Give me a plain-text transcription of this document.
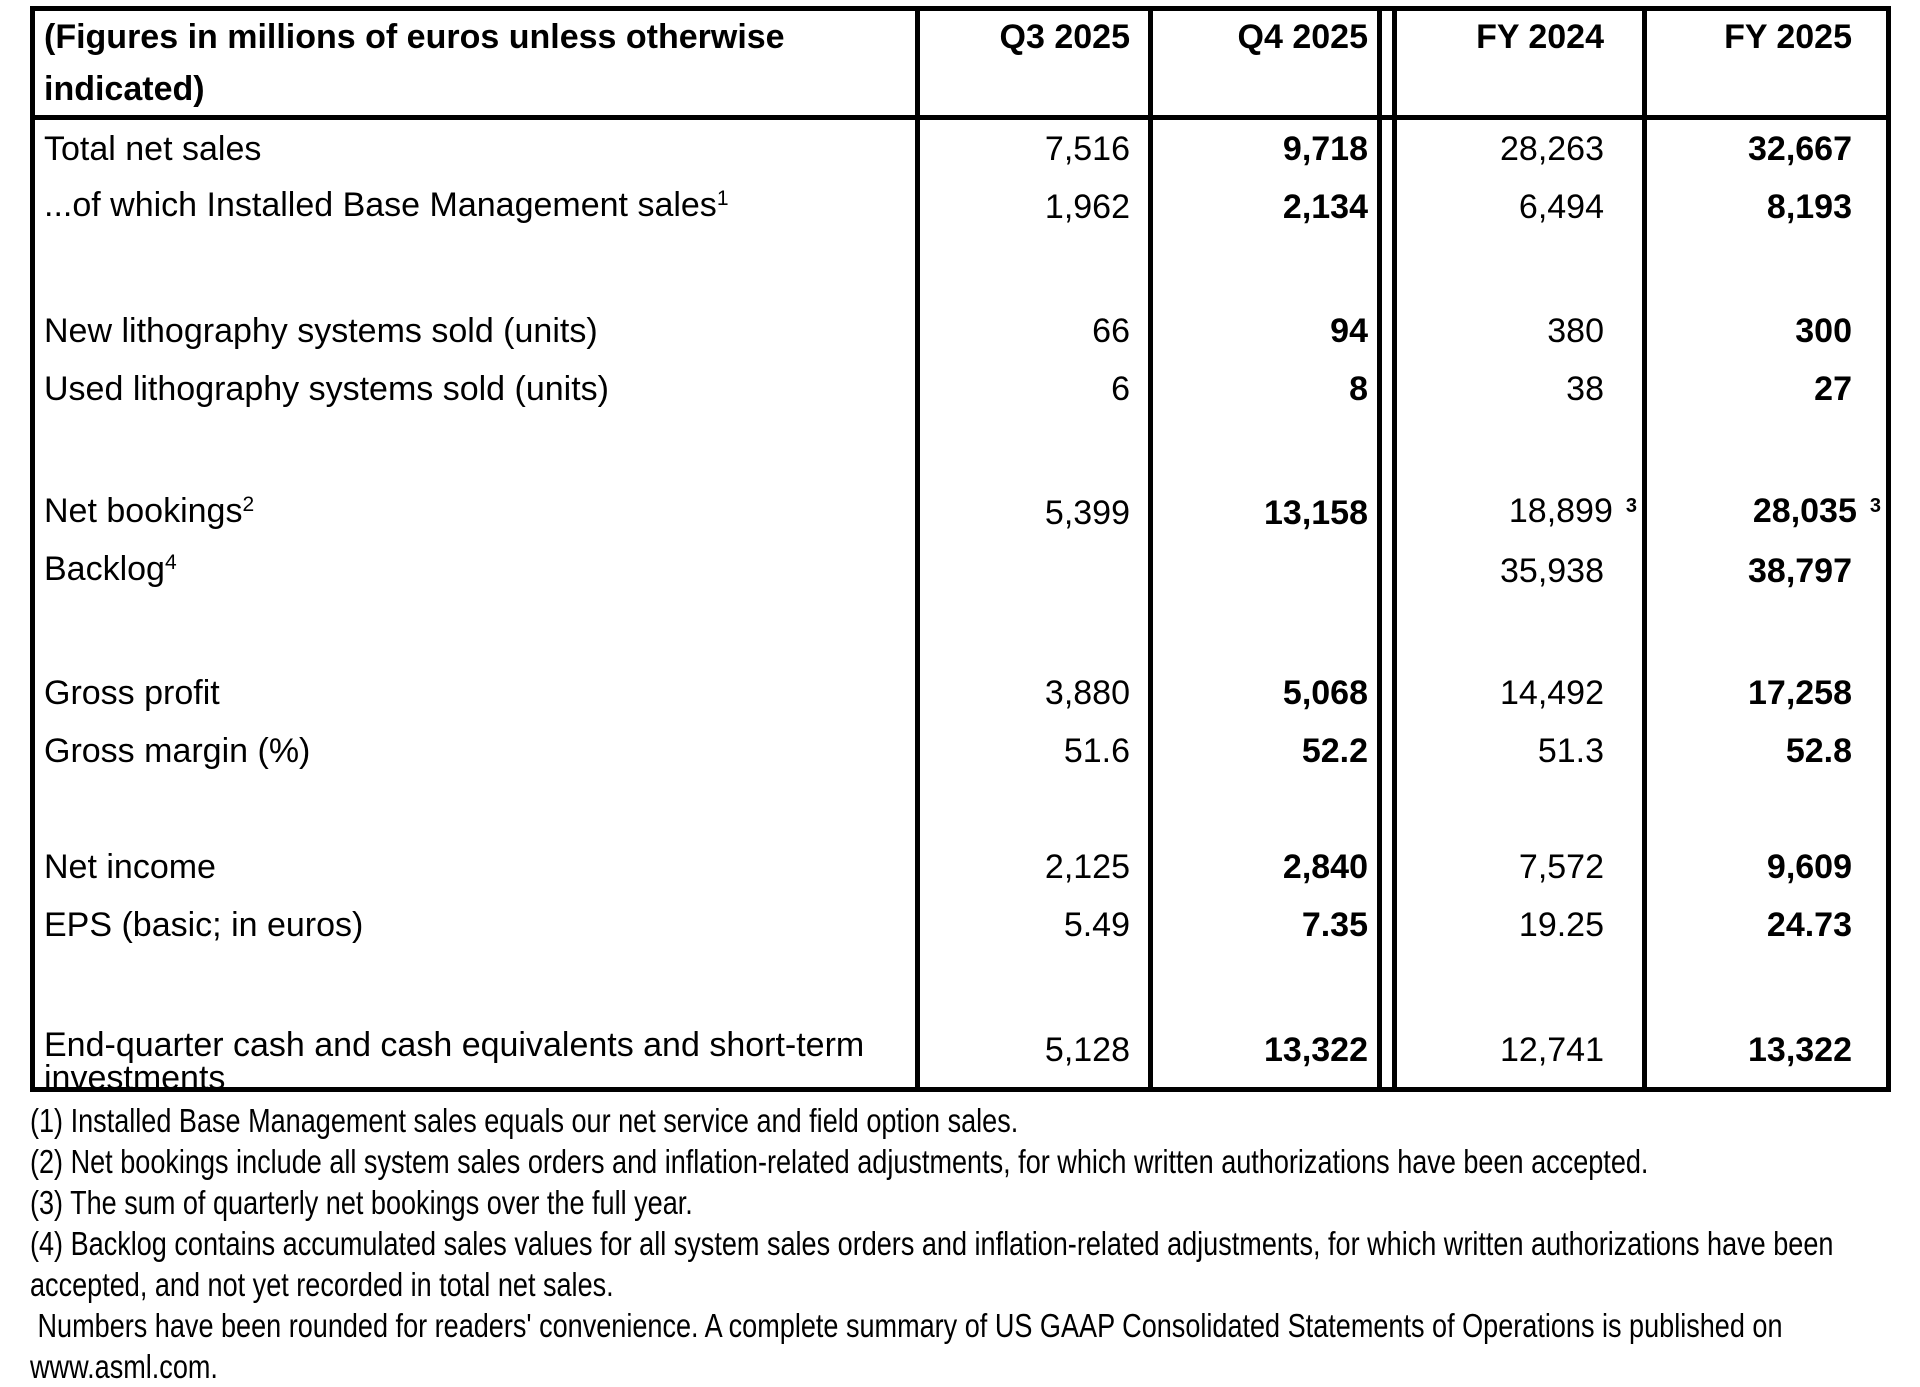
(Figures in millions of euros unless otherwise indicated)	Q3 2025	Q4 2025		FY 2024	FY 2025
Total net sales	7,516	9,718		28,263	32,667
...of which Installed Base Management sales$^1$	1,962	2,134		6,494	8,193

New lithography systems sold (units)	66	94		380	300
Used lithography systems sold (units)	6	8		38	27

Net bookings$^2$	5,399	13,158		18,899 $^3$	28,035 $^3$
Backlog$^4$				35,938	38,797

Gross profit	3,880	5,068		14,492	17,258
Gross margin (%)	51.6	52.2		51.3	52.8

Net income	2,125	2,840		7,572	9,609
EPS (basic; in euros)	5.49	7.35		19.25	24.73

End-quarter cash and cash equivalents and short-term investments	5,128	13,322		12,741	13,322
(1) Installed Base Management sales equals our net service and field option sales.
(2) Net bookings include all system sales orders and inflation-related adjustments, for which written authorizations have been accepted.
(3) The sum of quarterly net bookings over the full year.
(4) Backlog contains accumulated sales values for all system sales orders and inflation-related adjustments, for which written authorizations have been
accepted, and not yet recorded in total net sales.
Numbers have been rounded for readers' convenience. A complete summary of US GAAP Consolidated Statements of Operations is published on
www.asml.com.
